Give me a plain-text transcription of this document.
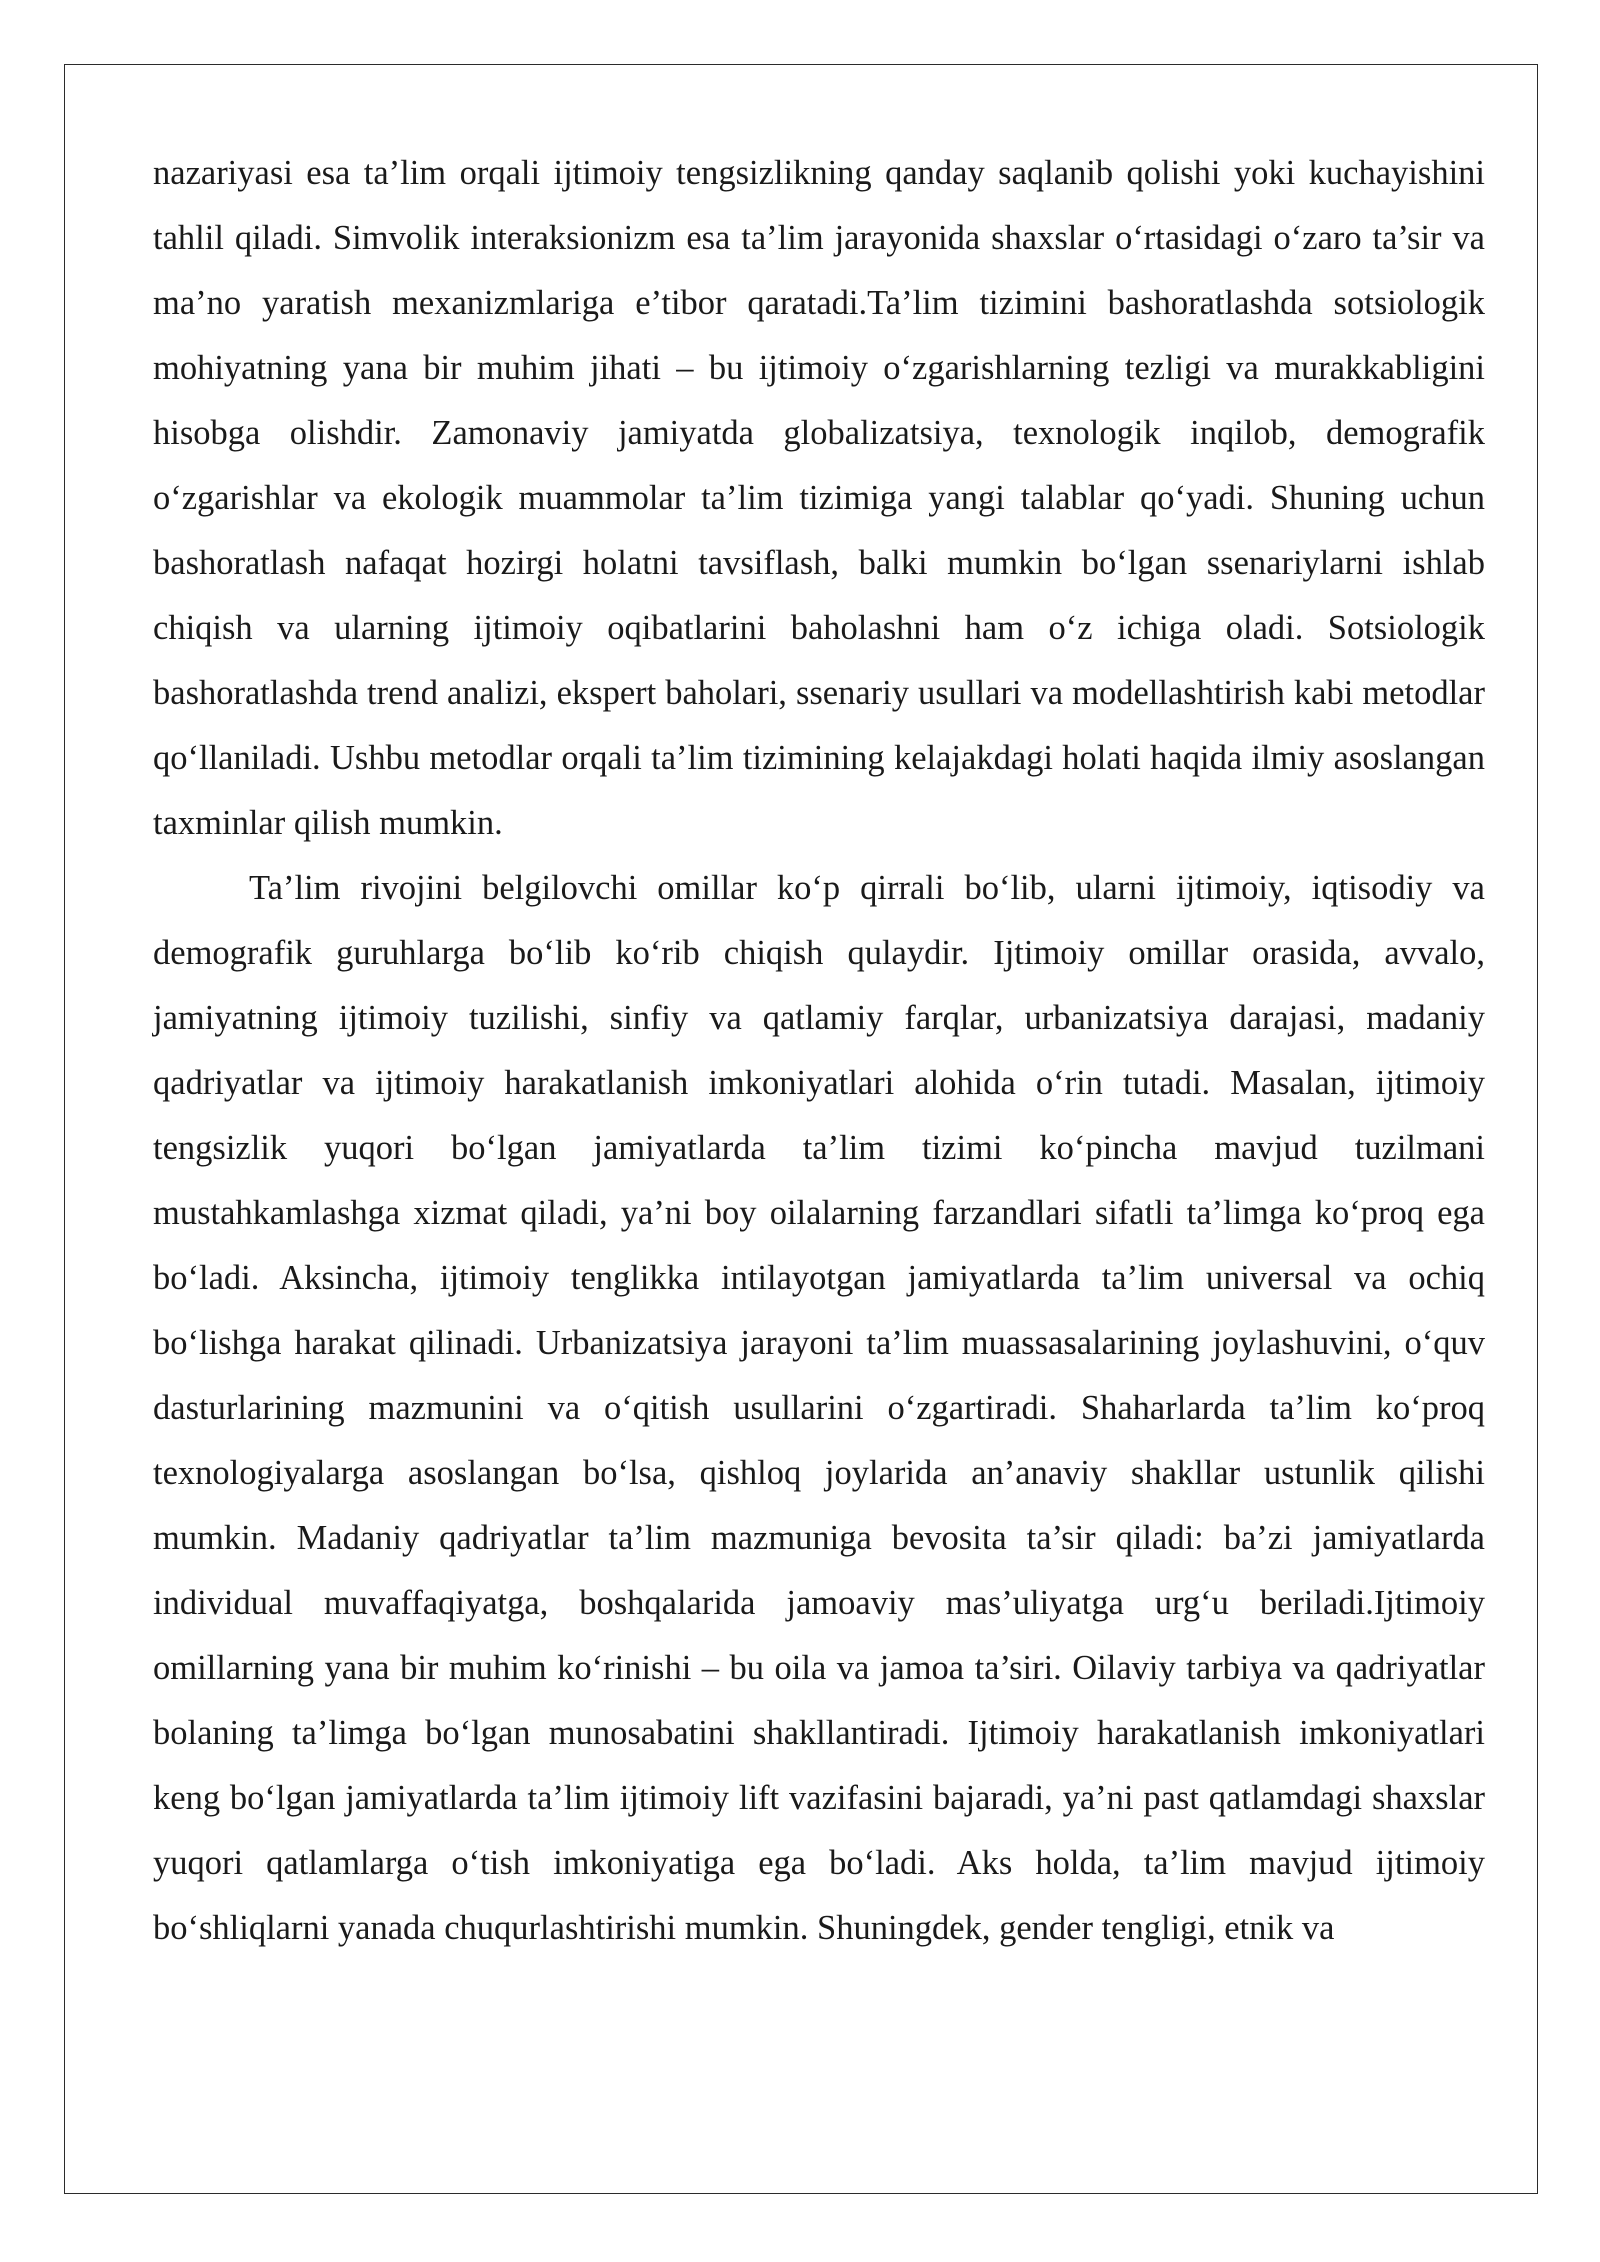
nazariyasi esa ta’lim orqali ijtimoiy tengsizlikning qanday saqlanib qolishi yoki kuchayishini tahlil qiladi. Simvolik interaksionizm esa ta’lim jarayonida shaxslar oʻrtasidagi oʻzaro ta’sir va ma’no yaratish mexanizmlariga e’tibor qaratadi.Ta’lim tizimini bashoratlashda sotsiologik mohiyatning yana bir muhim jihati – bu ijtimoiy oʻzgarishlarning tezligi va murakkabligini hisobga olishdir. Zamonaviy jamiyatda globalizatsiya, texnologik inqilob, demografik oʻzgarishlar va ekologik muammolar ta’lim tizimiga yangi talablar qoʻyadi. Shuning uchun bashoratlash nafaqat hozirgi holatni tavsiflash, balki mumkin boʻlgan ssenariylarni ishlab chiqish va ularning ijtimoiy oqibatlarini baholashni ham oʻz ichiga oladi. Sotsiologik bashoratlashda trend analizi, ekspert baholari, ssenariy usullari va modellashtirish kabi metodlar qoʻllaniladi. Ushbu metodlar orqali ta’lim tizimining kelajakdagi holati haqida ilmiy asoslangan taxminlar qilish mumkin.

Ta’lim rivojini belgilovchi omillar koʻp qirrali boʻlib, ularni ijtimoiy, iqtisodiy va demografik guruhlarga boʻlib koʻrib chiqish qulaydir. Ijtimoiy omillar orasida, avvalo, jamiyatning ijtimoiy tuzilishi, sinfiy va qatlamiy farqlar, urbanizatsiya darajasi, madaniy qadriyatlar va ijtimoiy harakatlanish imkoniyatlari alohida oʻrin tutadi. Masalan, ijtimoiy tengsizlik yuqori boʻlgan jamiyatlarda ta’lim tizimi koʻpincha mavjud tuzilmani mustahkamlashga xizmat qiladi, ya’ni boy oilalarning farzandlari sifatli ta’limga koʻproq ega boʻladi. Aksincha, ijtimoiy tenglikka intilayotgan jamiyatlarda ta’lim universal va ochiq boʻlishga harakat qilinadi. Urbanizatsiya jarayoni ta’lim muassasalarining joylashuvini, oʻquv dasturlarining mazmunini va oʻqitish usullarini oʻzgartiradi. Shaharlarda ta’lim koʻproq texnologiyalarga asoslangan boʻlsa, qishloq joylarida an’anaviy shakllar ustunlik qilishi mumkin. Madaniy qadriyatlar ta’lim mazmuniga bevosita ta’sir qiladi: ba’zi jamiyatlarda individual muvaffaqiyatga, boshqalarida jamoaviy mas’uliyatga urgʻu beriladi.Ijtimoiy omillarning yana bir muhim koʻrinishi – bu oila va jamoa ta’siri. Oilaviy tarbiya va qadriyatlar bolaning ta’limga boʻlgan munosabatini shakllantiradi. Ijtimoiy harakatlanish imkoniyatlari keng boʻlgan jamiyatlarda ta’lim ijtimoiy lift vazifasini bajaradi, ya’ni past qatlamdagi shaxslar yuqori qatlamlarga oʻtish imkoniyatiga ega boʻladi. Aks holda, ta’lim mavjud ijtimoiy boʻshliqlarni yanada chuqurlashtirishi mumkin. Shuningdek, gender tengligi, etnik va
